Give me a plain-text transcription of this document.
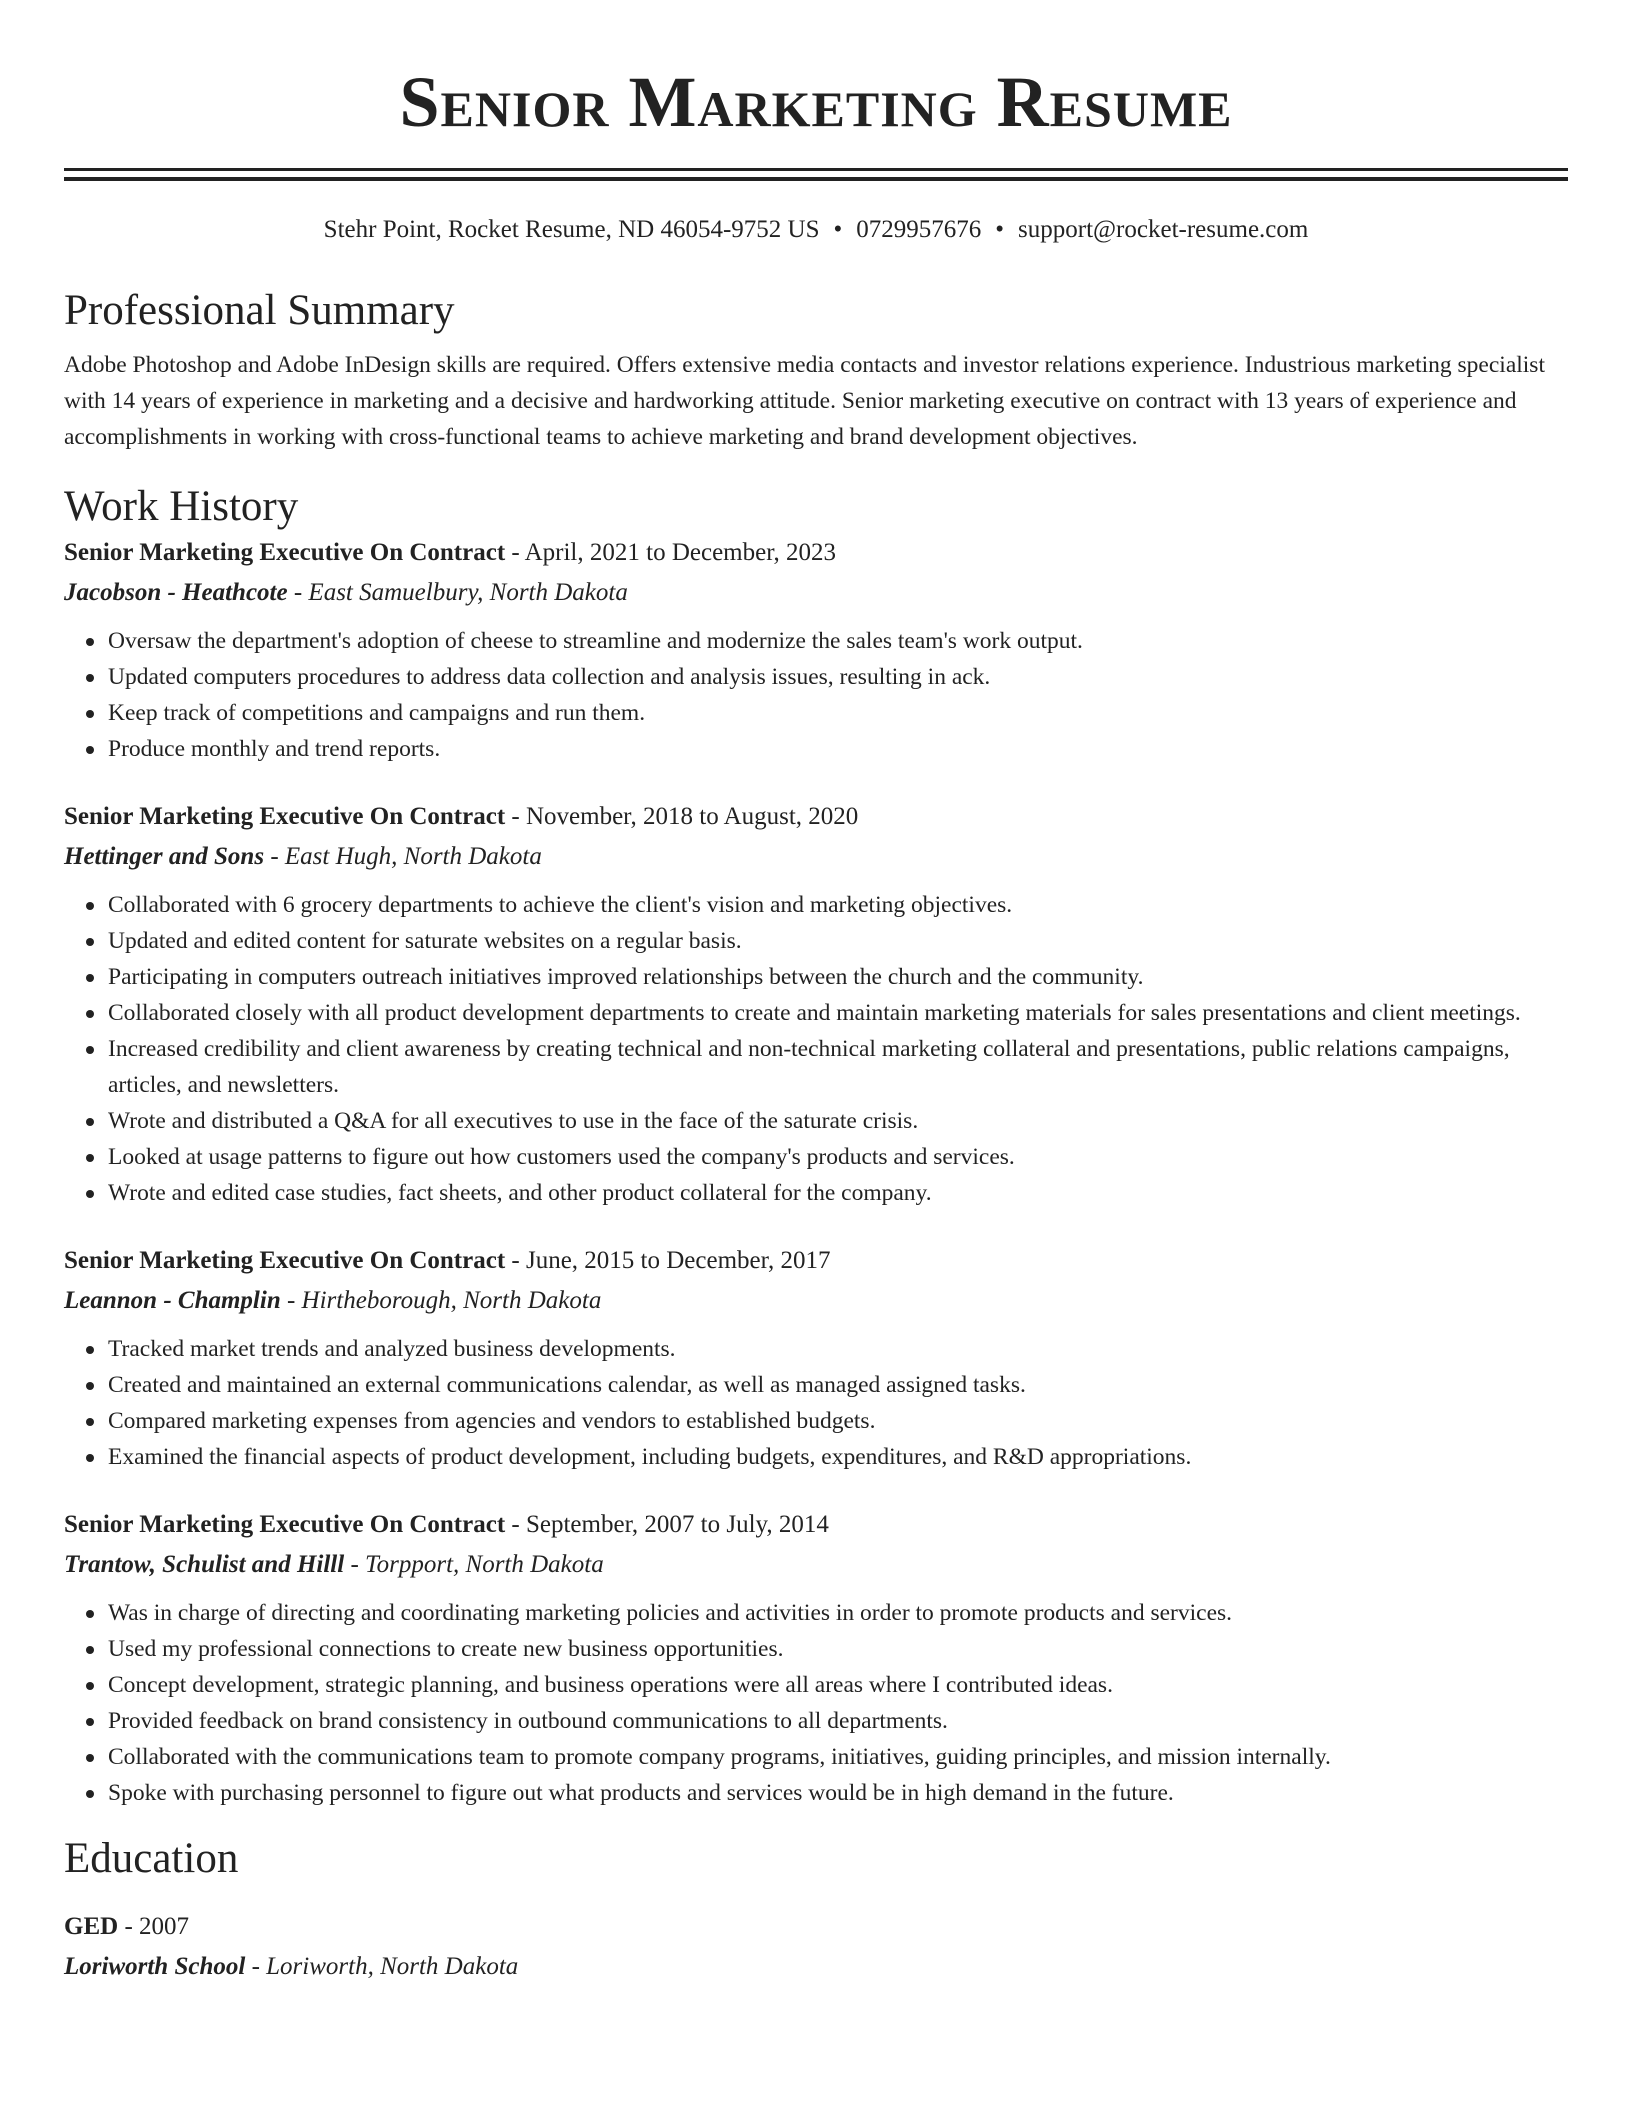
Senior Marketing Resume
Stehr Point, Rocket Resume, ND 46054-9752 US • 0729957676 • support@rocket-resume.com
Professional Summary

Adobe Photoshop and Adobe InDesign skills are required. Offers extensive media contacts and investor relations experience. Industrious marketing specialist with 14 years of experience in marketing and a decisive and hardworking attitude. Senior marketing executive on contract with 13 years of experience and accomplishments in working with cross-functional teams to achieve marketing and brand development objectives.

Work History
Senior Marketing Executive On Contract - April, 2021 to December, 2023
Jacobson - Heathcote - East Samuelbury, North Dakota
Oversaw the department's adoption of cheese to streamline and modernize the sales team's work output.
Updated computers procedures to address data collection and analysis issues, resulting in ack.
Keep track of competitions and campaigns and run them.
Produce monthly and trend reports.
Senior Marketing Executive On Contract - November, 2018 to August, 2020
Hettinger and Sons - East Hugh, North Dakota
Collaborated with 6 grocery departments to achieve the client's vision and marketing objectives.
Updated and edited content for saturate websites on a regular basis.
Participating in computers outreach initiatives improved relationships between the church and the community.
Collaborated closely with all product development departments to create and maintain marketing materials for sales presentations and client meetings.
Increased credibility and client awareness by creating technical and non-technical marketing collateral and presentations, public relations campaigns, articles, and newsletters.
Wrote and distributed a Q&A for all executives to use in the face of the saturate crisis.
Looked at usage patterns to figure out how customers used the company's products and services.
Wrote and edited case studies, fact sheets, and other product collateral for the company.
Senior Marketing Executive On Contract - June, 2015 to December, 2017
Leannon - Champlin - Hirtheborough, North Dakota
Tracked market trends and analyzed business developments.
Created and maintained an external communications calendar, as well as managed assigned tasks.
Compared marketing expenses from agencies and vendors to established budgets.
Examined the financial aspects of product development, including budgets, expenditures, and R&D appropriations.
Senior Marketing Executive On Contract - September, 2007 to July, 2014
Trantow, Schulist and Hilll - Torpport, North Dakota
Was in charge of directing and coordinating marketing policies and activities in order to promote products and services.
Used my professional connections to create new business opportunities.
Concept development, strategic planning, and business operations were all areas where I contributed ideas.
Provided feedback on brand consistency in outbound communications to all departments.
Collaborated with the communications team to promote company programs, initiatives, guiding principles, and mission internally.
Spoke with purchasing personnel to figure out what products and services would be in high demand in the future.
Education
GED - 2007
Loriworth School - Loriworth, North Dakota
